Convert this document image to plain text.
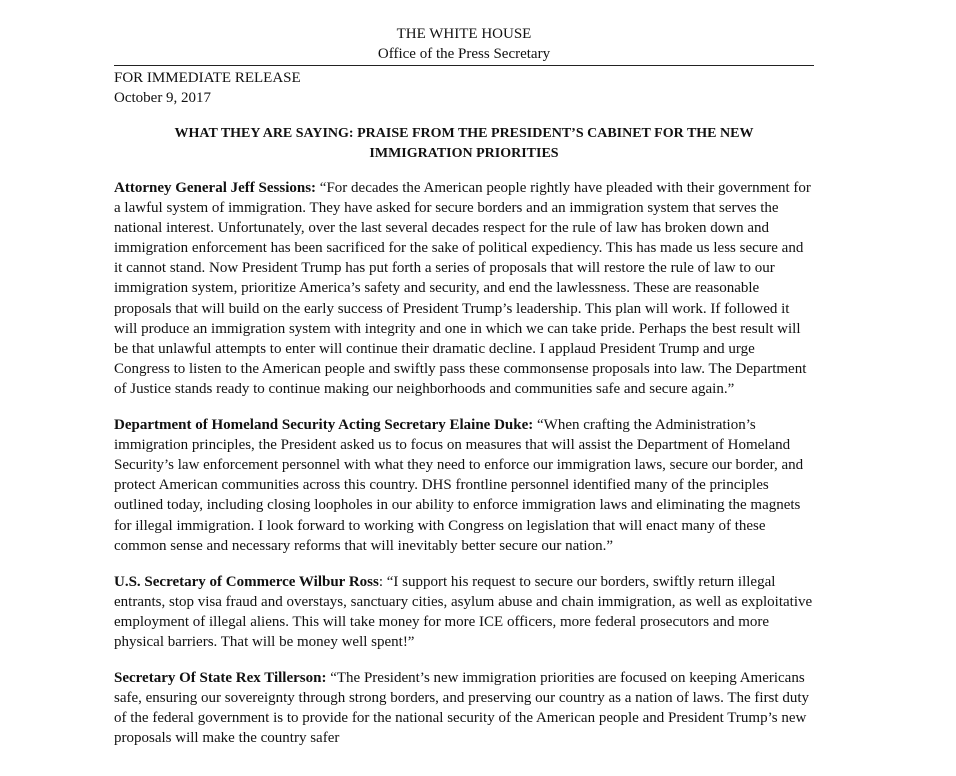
THE WHITE HOUSE
Office of the Press Secretary
FOR IMMEDIATE RELEASE
October 9, 2017
WHAT THEY ARE SAYING: PRAISE FROM THE PRESIDENT’S CABINET FOR THE NEW IMMIGRATION PRIORITIES

Attorney General Jeff Sessions: “For decades the American people rightly have pleaded with their government for a lawful system of immigration. They have asked for secure borders and an immigration system that serves the national interest. Unfortunately, over the last several decades respect for the rule of law has broken down and immigration enforcement has been sacrificed for the sake of political expediency. This has made us less secure and it cannot stand. Now President Trump has put forth a series of proposals that will restore the rule of law to our immigration system, prioritize America’s safety and security, and end the lawlessness. These are reasonable proposals that will build on the early success of President Trump’s leadership. This plan will work. If followed it will produce an immigration system with integrity and one in which we can take pride. Perhaps the best result will be that unlawful attempts to enter will continue their dramatic decline. I applaud President Trump and urge Congress to listen to the American people and swiftly pass these commonsense proposals into law. The Department of Justice stands ready to continue making our neighborhoods and communities safe and secure again.”

Department of Homeland Security Acting Secretary Elaine Duke: “When crafting the Administration’s immigration principles, the President asked us to focus on measures that will assist the Department of Homeland Security’s law enforcement personnel with what they need to enforce our immigration laws, secure our border, and protect American communities across this country. DHS frontline personnel identified many of the principles outlined today, including closing loopholes in our ability to enforce immigration laws and eliminating the magnets for illegal immigration. I look forward to working with Congress on legislation that will enact many of these common sense and necessary reforms that will inevitably better secure our nation.”

U.S. Secretary of Commerce Wilbur Ross: “I support his request to secure our borders, swiftly return illegal entrants, stop visa fraud and overstays, sanctuary cities, asylum abuse and chain immigration, as well as exploitative employment of illegal aliens. This will take money for more ICE officers, more federal prosecutors and more physical barriers. That will be money well spent!”

Secretary Of State Rex Tillerson: “The President’s new immigration priorities are focused on keeping Americans safe, ensuring our sovereignty through strong borders, and preserving our country as a nation of laws. The first duty of the federal government is to provide for the national security of the American people and President Trump’s new proposals will make the country safer
